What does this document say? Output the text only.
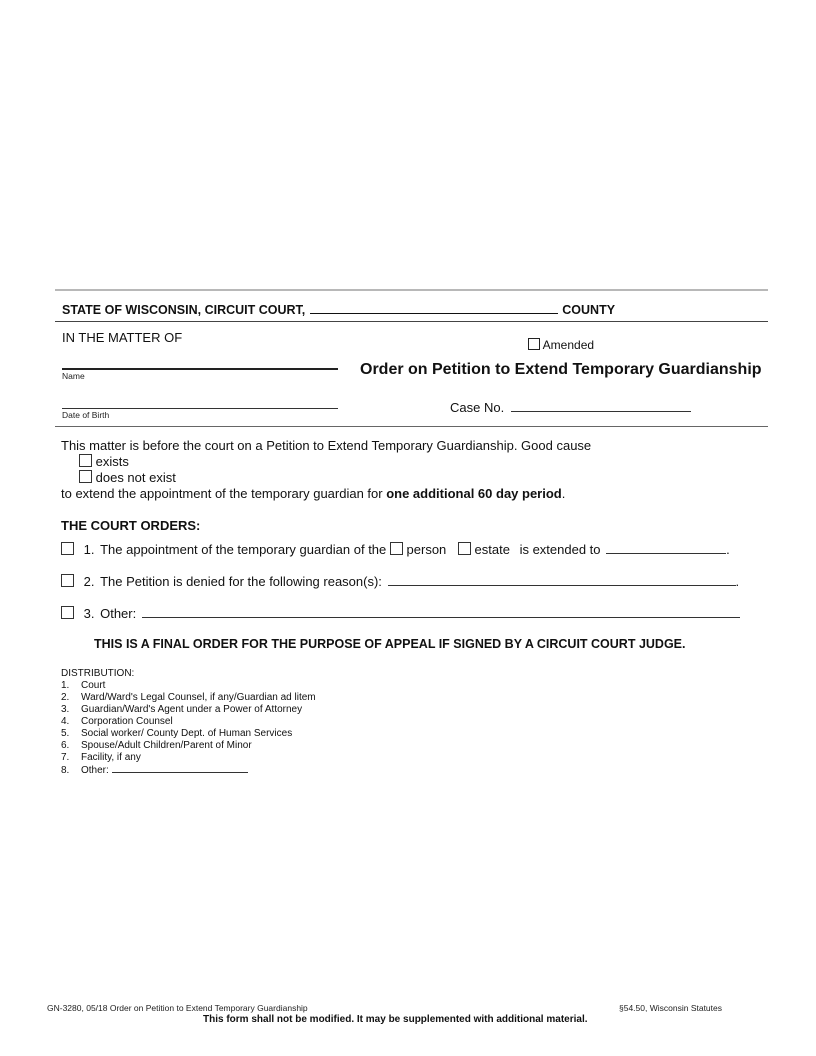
STATE OF WISCONSIN, CIRCUIT COURT,	COUNTY
IN THE MATTER OF
Name
Date of Birth
Amended
Order on Petition to Extend Temporary Guardianship
Case No.
This matter is before the court on a Petition to Extend Temporary Guardianship. Good cause
exists
does not exist
to extend the appointment of the temporary guardian for one additional 60 day period.
THE COURT ORDERS:
1. The appointment of the temporary guardian of the person estate is extended to	.
2. The Petition is denied for the following reason(s):	.
3. Other:
THIS IS A FINAL ORDER FOR THE PURPOSE OF APPEAL IF SIGNED BY A CIRCUIT COURT JUDGE.
DISTRIBUTION:
1. Court
2. Ward/Ward's Legal Counsel, if any/Guardian ad litem
3. Guardian/Ward's Agent under a Power of Attorney
4. Corporation Counsel
5. Social worker/ County Dept. of Human Services
6. Spouse/Adult Children/Parent of Minor
7. Facility, if any
8. Other:
GN-3280, 05/18 Order on Petition to Extend Temporary Guardianship	§54.50, Wisconsin Statutes
This form shall not be modified. It may be supplemented with additional material.
